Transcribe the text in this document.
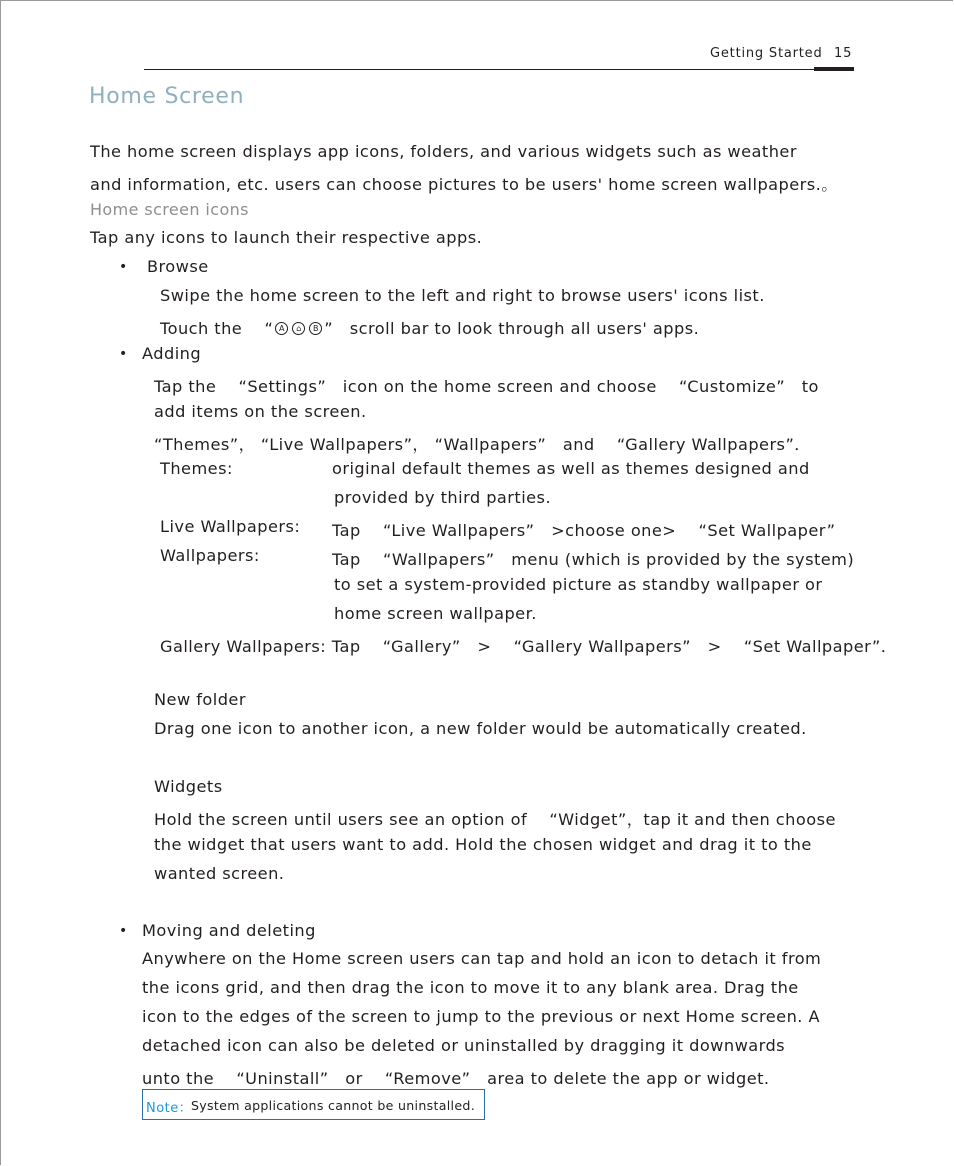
Getting Started 15
Home Screen
The home screen displays app icons, folders, and various widgets such as weather
and information, etc. users can choose pictures to be users' home screen wallpapers.。
Home screen icons
Tap any icons to launch their respective apps.
• Browse
Swipe the home screen to the left and right to browse users' icons list.
Touch the 　“ A ⌂ B ”　scroll bar to look through all users' apps.
• Adding
Tap the 　“Settings”　icon on the home screen and choose 　“Customize”　to
add items on the screen.
“Themes”， “Live Wallpapers”， “Wallpapers”　and 　“Gallery Wallpapers”．
Themes:	original default themes as well as themes designed and
provided by third parties.
Live Wallpapers: Tap 　“Live Wallpapers”　>choose one> 　“Set Wallpaper”
Wallpapers:	Tap 　“Wallpapers”　menu (which is provided by the system)
to set a system-provided picture as standby wallpaper or
home screen wallpaper.
Gallery Wallpapers: Tap 　“Gallery”　> 　“Gallery Wallpapers”　> 　“Set Wallpaper”．
New folder
Drag one icon to another icon, a new folder would be automatically created.
Widgets
Hold the screen until users see an option of 　“Widget”，tap it and then choose
the widget that users want to add. Hold the chosen widget and drag it to the
wanted screen.
• Moving and deleting
Anywhere on the Home screen users can tap and hold an icon to detach it from
the icons grid, and then drag the icon to move it to any blank area. Drag the
icon to the edges of the screen to jump to the previous or next Home screen. A
detached icon can also be deleted or uninstalled by dragging it downwards
unto the 　“Uninstall”　or 　“Remove”　area to delete the app or widget.
Note：
System applications cannot be uninstalled.
